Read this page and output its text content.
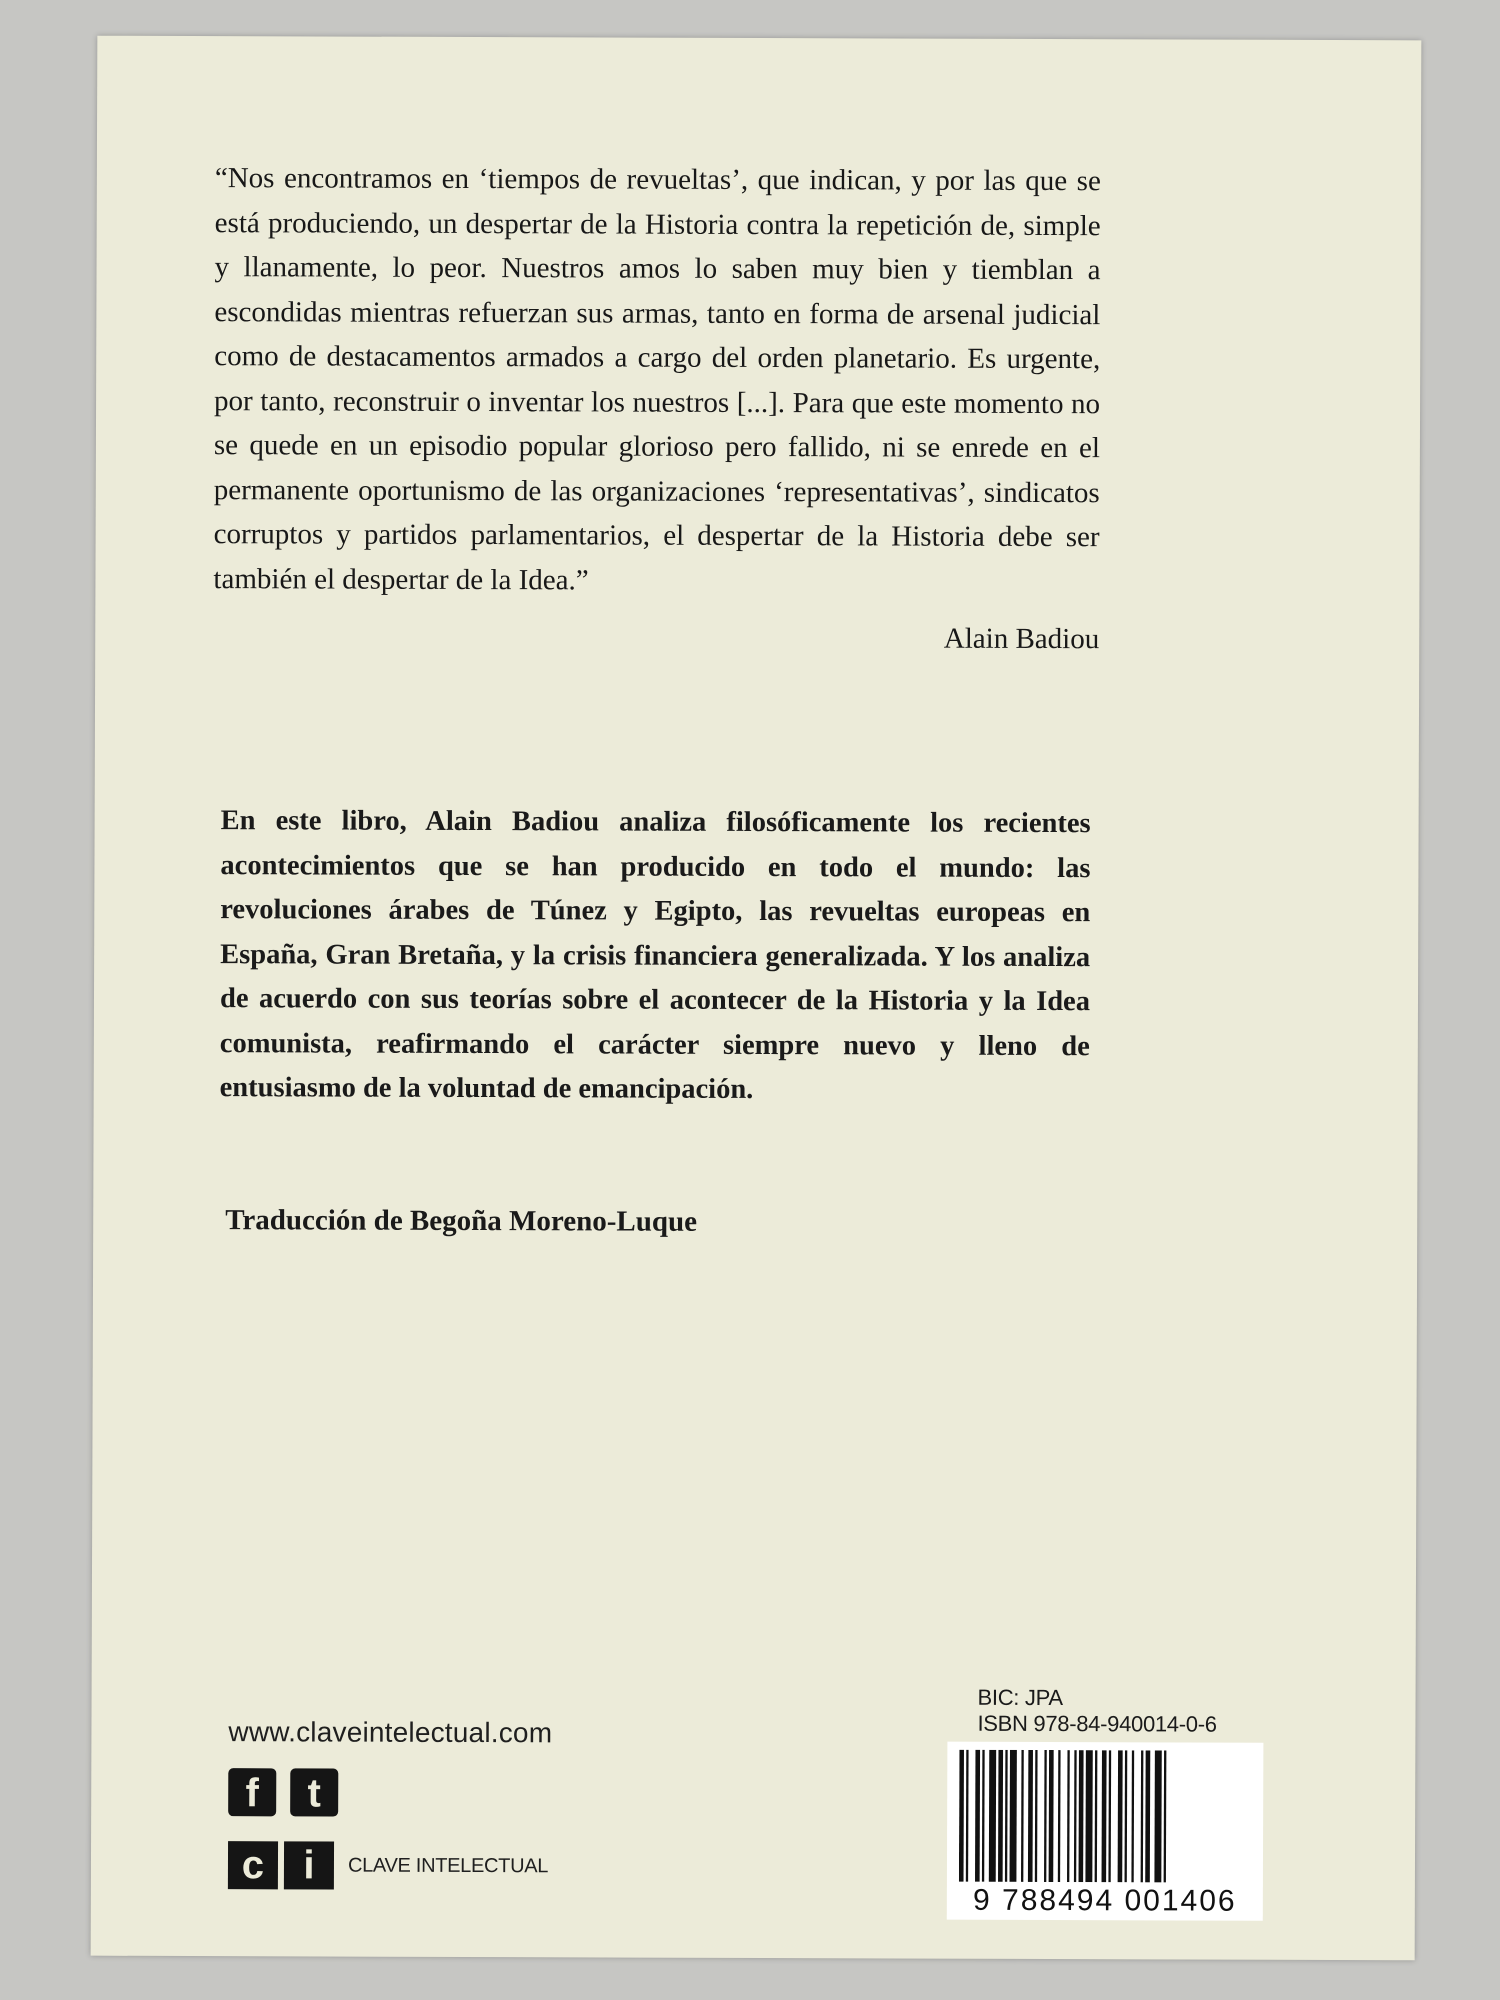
“Nos encontramos en ‘tiempos de revueltas’, que indican, y por las que se está produciendo, un despertar de la Historia contra la repetición de, simple y llanamente, lo peor. Nuestros amos lo saben muy bien y tiemblan a escondidas mientras refuerzan sus armas, tanto en forma de arsenal judicial como de destacamentos armados a cargo del orden planetario. Es urgente, por tanto, reconstruir o inventar los nuestros [...]. Para que este momento no se quede en un episodio popular glorioso pero fallido, ni se enrede en el permanente oportunismo de las organizaciones ‘representativas’, sindicatos corruptos y partidos parlamentarios, el despertar de la Historia debe ser también el despertar de la Idea.”

Alain Badiou

En este libro, Alain Badiou analiza filosóficamente los recientes acontecimientos que se han producido en todo el mundo: las revoluciones árabes de Túnez y Egipto, las revueltas europeas en España, Gran Bretaña, y la crisis financiera generalizada. Y los analiza de acuerdo con sus teorías sobre el acontecer de la Historia y la Idea comunista, reafirmando el carácter siempre nuevo y lleno de entusiasmo de la voluntad de emancipación.

Traducción de Begoña Moreno-Luque
www.claveintelectual.com
f	t
c i	CLAVE INTELECTUAL
BIC: JPA
ISBN 978-84-940014-0-6
9 788494 001406
